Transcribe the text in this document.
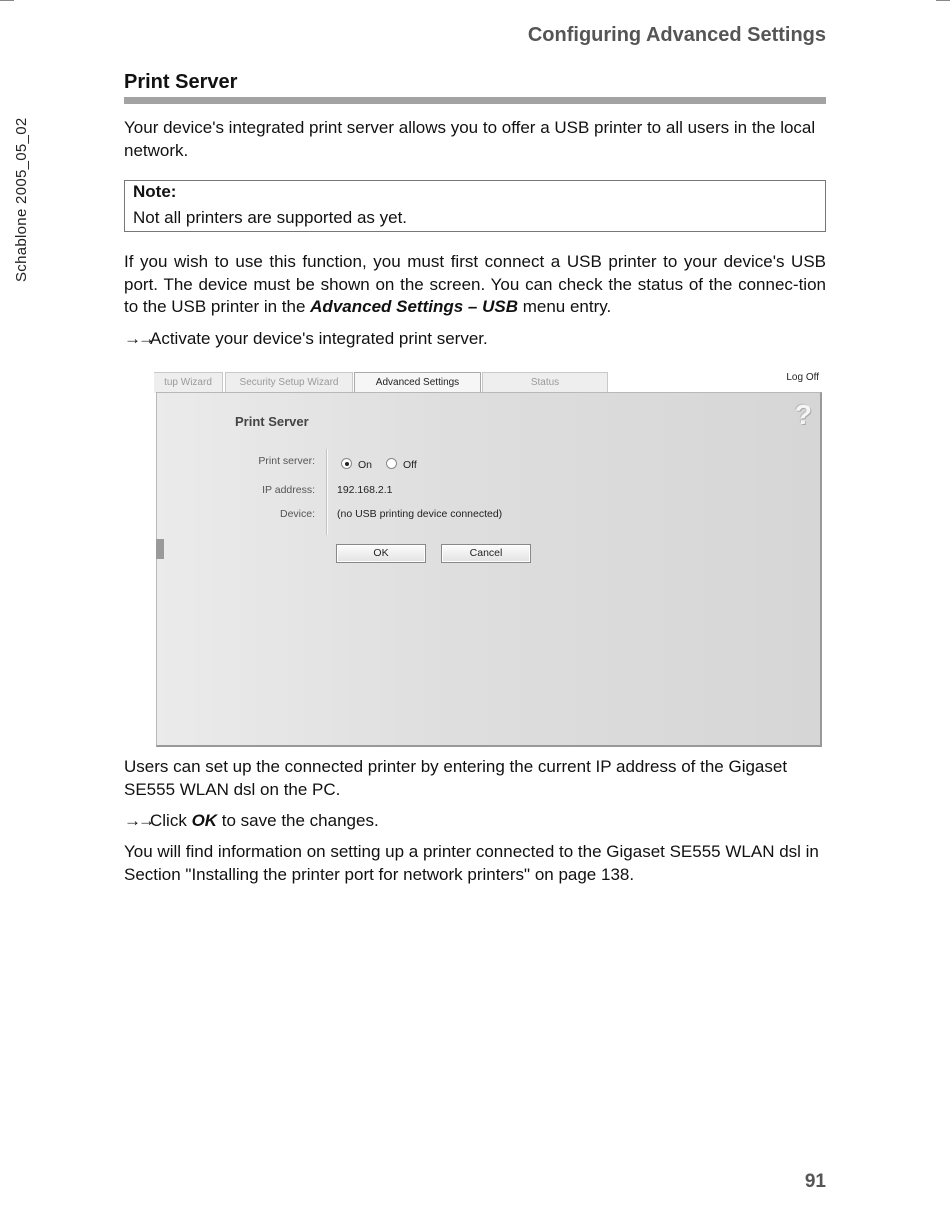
Schablone 2005_05_02
Configuring Advanced Settings
Print Server
Your device's integrated print server allows you to offer a USB printer to all users in the local network.
Note:
Not all printers are supported as yet.
If you wish to use this function, you must first connect a USB printer to your device's USB port. The device must be shown on the screen. You can check the status of the connec-tion to the USB printer in the Advanced Settings – USB menu entry.
→→Activate your device's integrated print server.
tup Wizard	Security Setup Wizard	Advanced Settings	Status	Log Off
?
Print Server
Print server:	On	Off
IP address: 192.168.2.1
Device: (no USB printing device connected)
OK	Cancel
Users can set up the connected printer by entering the current IP address of the Gigaset SE555 WLAN dsl on the PC.
→→Click OK to save the changes.
You will find information on setting up a printer connected to the Gigaset SE555 WLAN dsl in Section "Installing the printer port for network printers" on page 138.
91
